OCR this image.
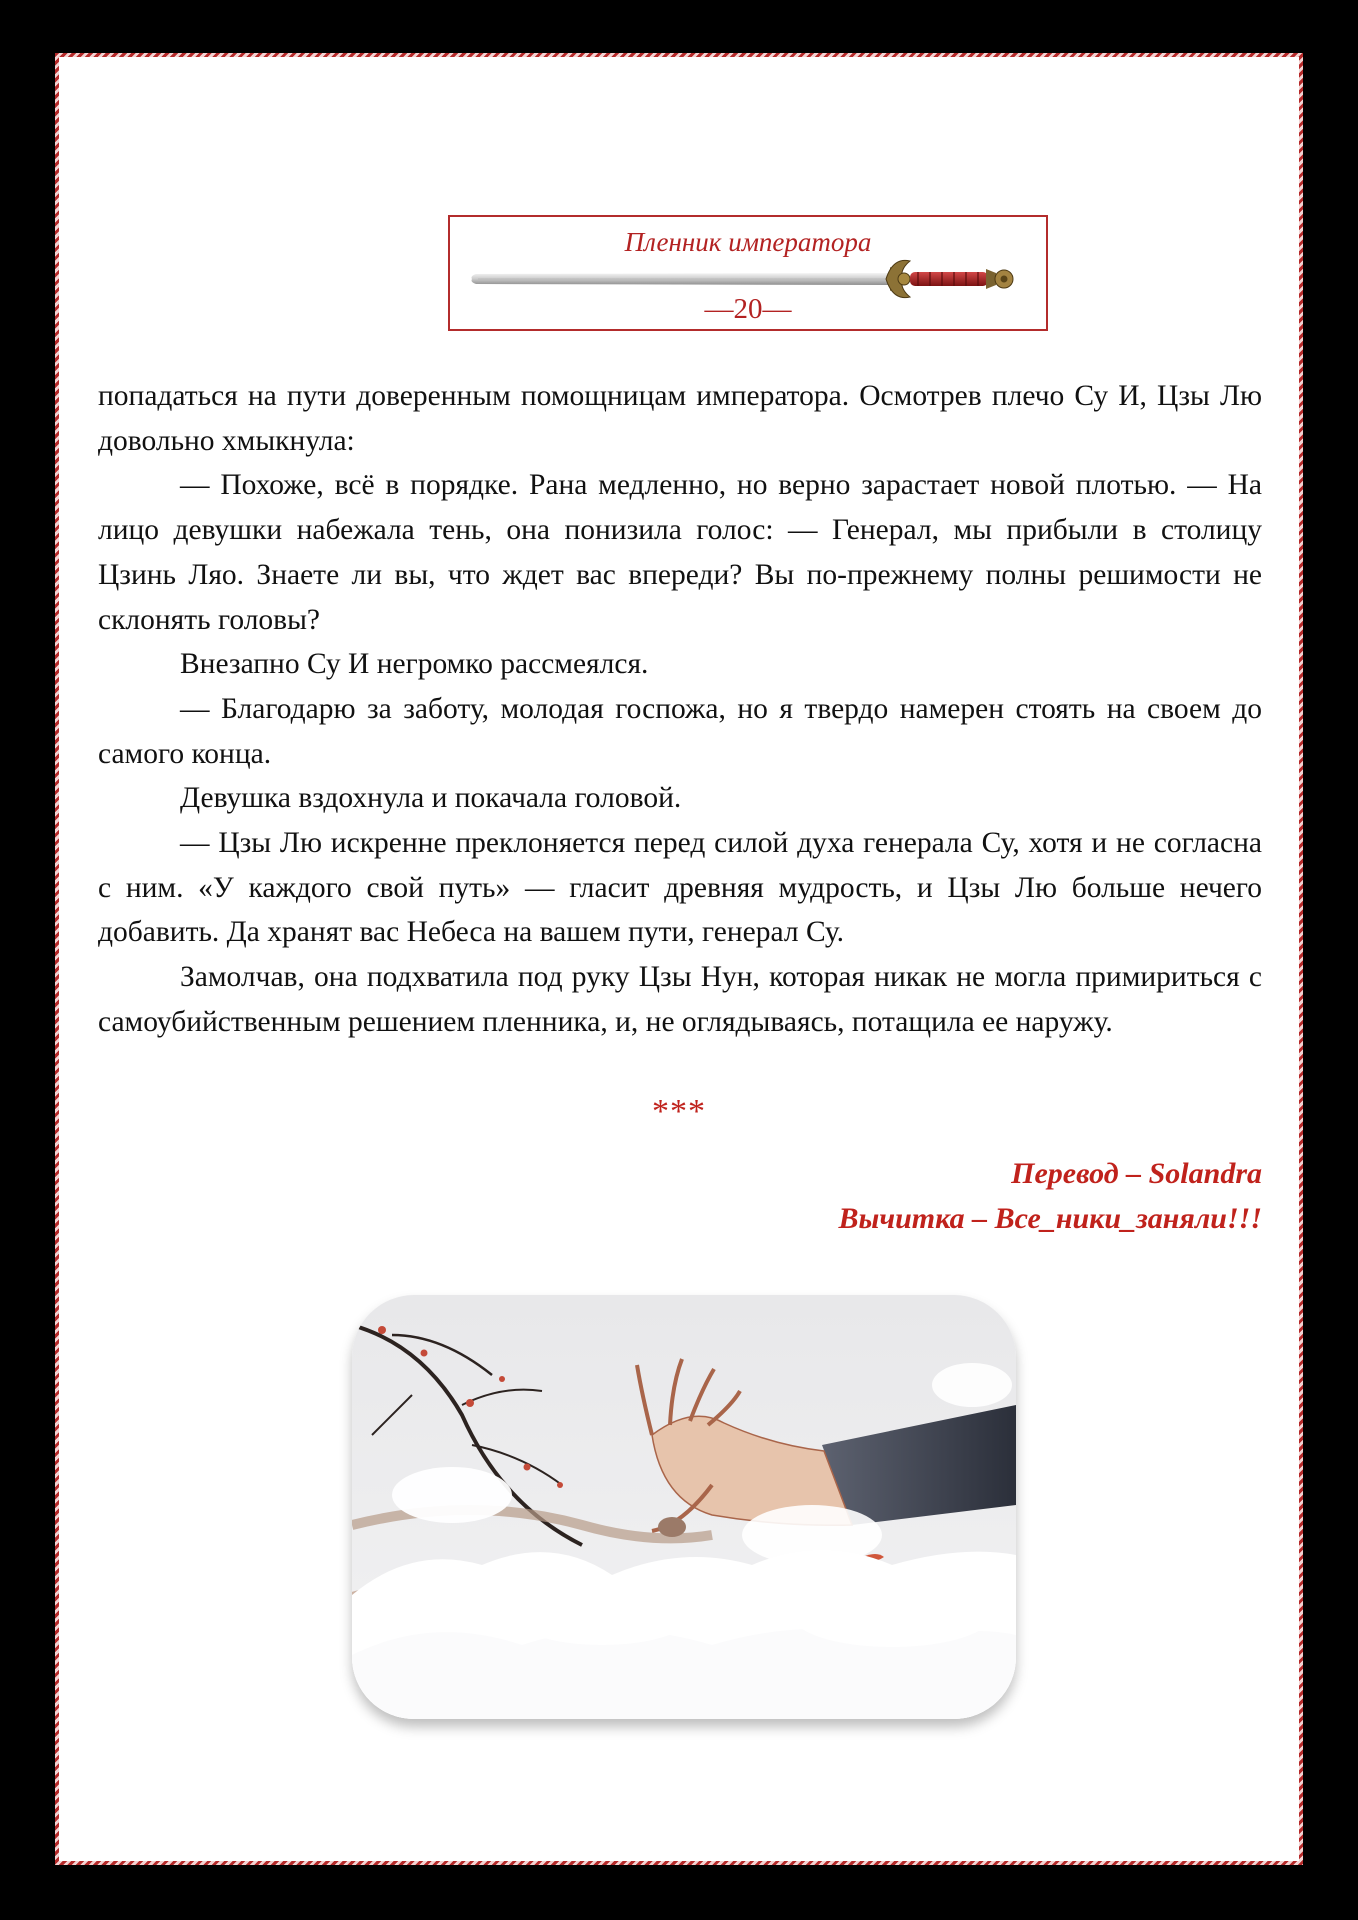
Пленник императора
—20—

попадаться на пути доверенным помощницам императора. Осмотрев плечо Су И, Цзы Лю довольно хмыкнула:

— Похоже, всё в порядке. Рана медленно, но верно зарастает новой плотью. — На лицо девушки набежала тень, она понизила голос: — Генерал, мы прибыли в столицу Цзинь Ляо. Знаете ли вы, что ждет вас впереди? Вы по-прежнему полны решимости не склонять головы?

Внезапно Су И негромко рассмеялся.

— Благодарю за заботу, молодая госпожа, но я твердо намерен стоять на своем до самого конца.

Девушка вздохнула и покачала головой.

— Цзы Лю искренне преклоняется перед силой духа генерала Су, хотя и не согласна с ним. «У каждого свой путь» — гласит древняя мудрость, и Цзы Лю больше нечего добавить. Да хранят вас Небеса на вашем пути, генерал Су.

Замолчав, она подхватила под руку Цзы Нун, которая никак не могла примириться с самоубийственным решением пленника, и, не оглядываясь, потащила ее наружу.

***
Перевод – Solandra
Вычитка – Все_ники_заняли!!!
